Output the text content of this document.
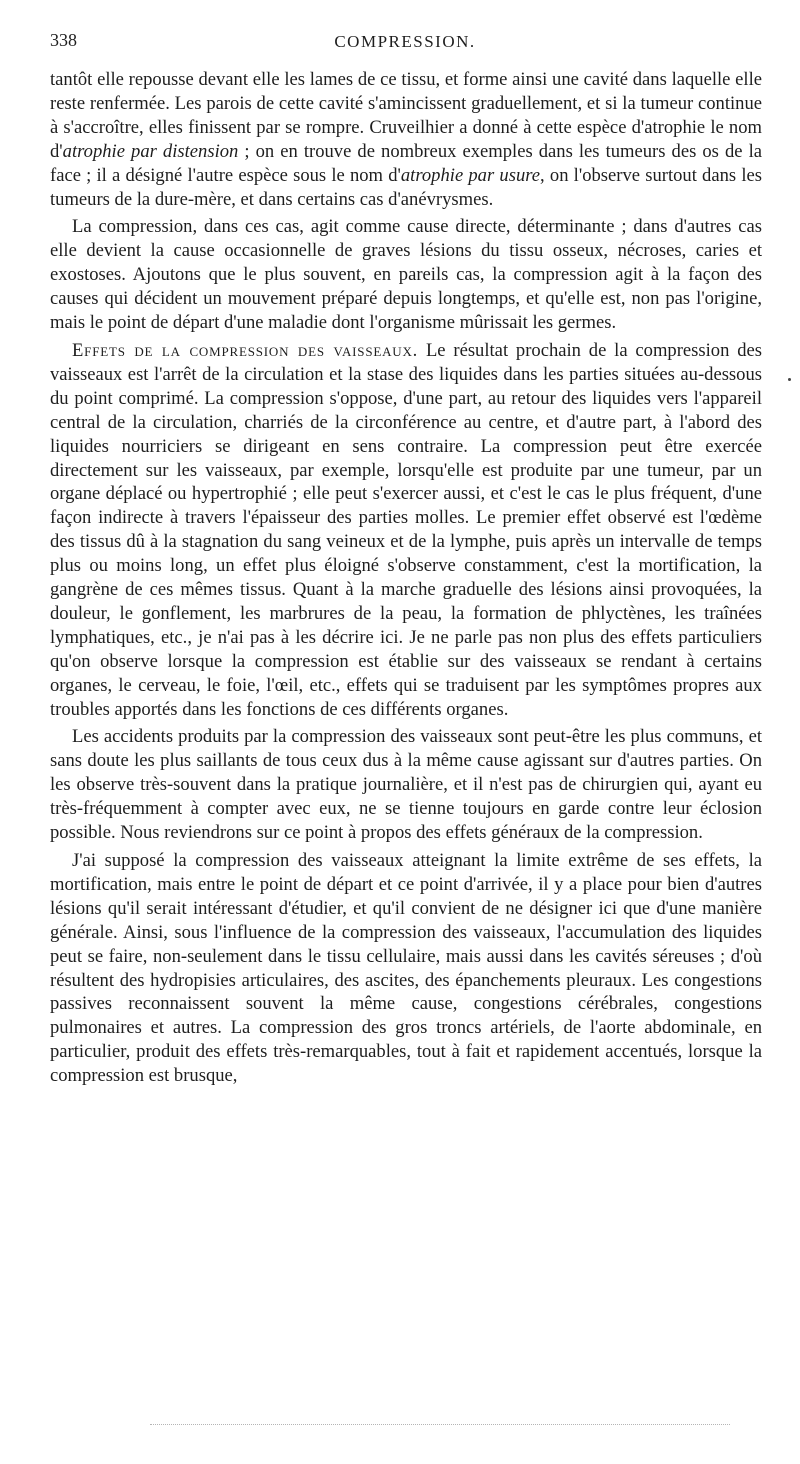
338	COMPRESSION.

tantôt elle repousse devant elle les lames de ce tissu, et forme ainsi une cavité dans laquelle elle reste renfermée. Les parois de cette cavité s'amincissent graduellement, et si la tumeur continue à s'accroître, elles finissent par se rompre. Cruveilhier a donné à cette espèce d'atrophie le nom d'atrophie par distension ; on en trouve de nombreux exemples dans les tumeurs des os de la face ; il a désigné l'autre espèce sous le nom d'atrophie par usure, on l'observe surtout dans les tumeurs de la dure-mère, et dans certains cas d'anévrysmes.

La compression, dans ces cas, agit comme cause directe, déterminante ; dans d'autres cas elle devient la cause occasionnelle de graves lésions du tissu osseux, nécroses, caries et exostoses. Ajoutons que le plus souvent, en pareils cas, la compression agit à la façon des causes qui décident un mouvement préparé depuis longtemps, et qu'elle est, non pas l'origine, mais le point de départ d'une maladie dont l'organisme mûrissait les germes.

Effets de la compression des vaisseaux. Le résultat prochain de la compression des vaisseaux est l'arrêt de la circulation et la stase des liquides dans les parties situées au-dessous du point comprimé. La compression s'oppose, d'une part, au retour des liquides vers l'appareil central de la circulation, charriés de la circonférence au centre, et d'autre part, à l'abord des liquides nourriciers se dirigeant en sens contraire. La compression peut être exercée directement sur les vaisseaux, par exemple, lorsqu'elle est produite par une tumeur, par un organe déplacé ou hypertrophié ; elle peut s'exercer aussi, et c'est le cas le plus fréquent, d'une façon indirecte à travers l'épaisseur des parties molles. Le premier effet observé est l'œdème des tissus dû à la stagnation du sang veineux et de la lymphe, puis après un intervalle de temps plus ou moins long, un effet plus éloigné s'observe constamment, c'est la mortification, la gangrène de ces mêmes tissus. Quant à la marche graduelle des lésions ainsi provoquées, la douleur, le gonflement, les marbrures de la peau, la formation de phlyctènes, les traînées lymphatiques, etc., je n'ai pas à les décrire ici. Je ne parle pas non plus des effets particuliers qu'on observe lorsque la compression est établie sur des vaisseaux se rendant à certains organes, le cerveau, le foie, l'œil, etc., effets qui se traduisent par les symptômes propres aux troubles apportés dans les fonctions de ces différents organes.

Les accidents produits par la compression des vaisseaux sont peut-être les plus communs, et sans doute les plus saillants de tous ceux dus à la même cause agissant sur d'autres parties. On les observe très-souvent dans la pratique journalière, et il n'est pas de chirurgien qui, ayant eu très-fréquemment à compter avec eux, ne se tienne toujours en garde contre leur éclosion possible. Nous reviendrons sur ce point à propos des effets généraux de la compression.

J'ai supposé la compression des vaisseaux atteignant la limite extrême de ses effets, la mortification, mais entre le point de départ et ce point d'arrivée, il y a place pour bien d'autres lésions qu'il serait intéressant d'étudier, et qu'il convient de ne désigner ici que d'une manière générale. Ainsi, sous l'influence de la compression des vaisseaux, l'accumulation des liquides peut se faire, non-seulement dans le tissu cellulaire, mais aussi dans les cavités séreuses ; d'où résultent des hydropisies articulaires, des ascites, des épanchements pleuraux. Les congestions passives reconnaissent souvent la même cause, congestions cérébrales, congestions pulmonaires et autres. La compression des gros troncs artériels, de l'aorte abdominale, en particulier, produit des effets très-remarquables, tout à fait et rapidement accentués, lorsque la compression est brusque,
